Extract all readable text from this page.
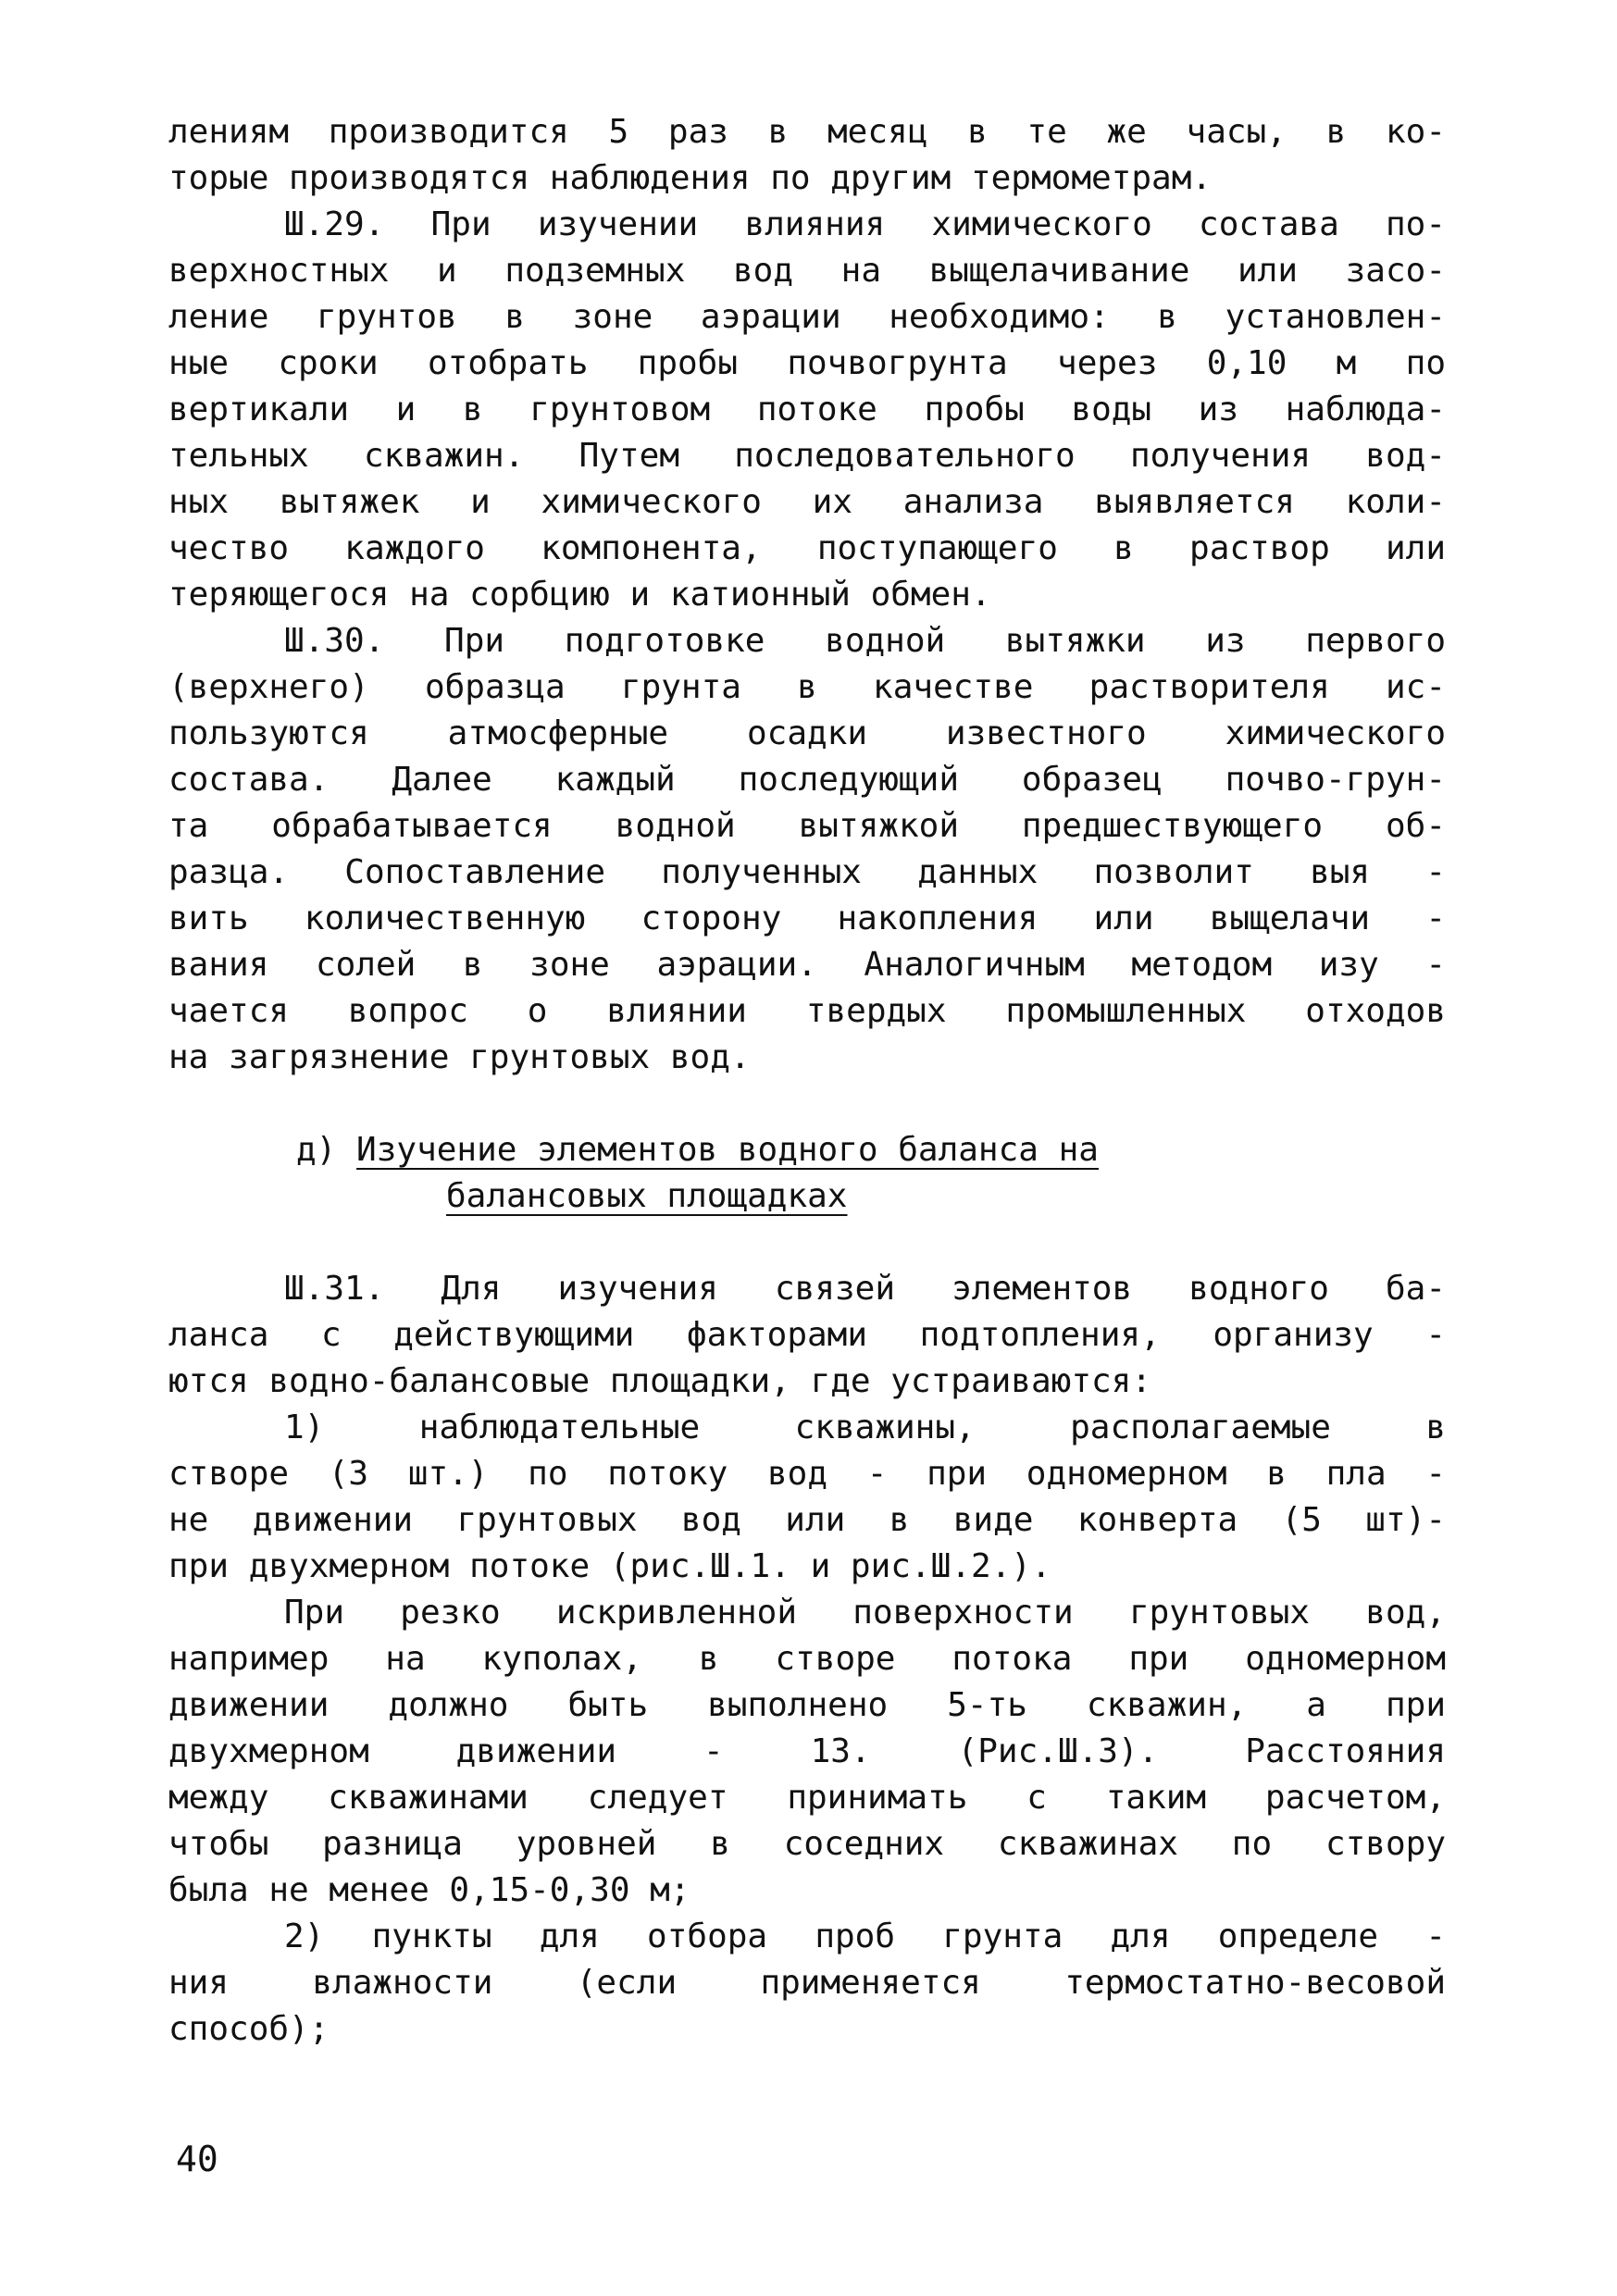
лениям производится 5 раз в месяц в те же часы, в ко-
торые производятся наблюдения по другим термометрам.
Ш.29. При изучении влияния химического состава по-
верхностных и подземных вод на выщелачивание или засо-
ление грунтов в зоне аэрации необходимо: в установлен-
ные сроки отобрать пробы почвогрунта через 0,10 м по
вертикали и в грунтовом потоке пробы воды из наблюда-
тельных скважин. Путем последовательного получения вод-
ных вытяжек и химического их анализа выявляется коли-
чество каждого компонента, поступающего в раствор или
теряющегося на сорбцию и катионный обмен.
Ш.30. При подготовке водной вытяжки из первого
(верхнего) образца грунта в качестве растворителя ис-
пользуются атмосферные осадки известного химического
состава. Далее каждый последующий образец почво-грун-
та обрабатывается водной вытяжкой предшествующего об-
разца. Сопоставление полученных данных позволит выя -
вить количественную сторону накопления или выщелачи -
вания солей в зоне аэрации. Аналогичным методом изу -
чается вопрос о влиянии твердых промышленных отходов
на загрязнение грунтовых вод.
д) Изучение элементов водного баланса на
балансовых площадках
Ш.31. Для изучения связей элементов водного ба-
ланса с действующими факторами подтопления, организу -
ются водно-балансовые площадки, где устраиваются:
1) наблюдательные скважины, располагаемые в
створе (3 шт.) по потоку вод - при одномерном в пла -
не движении грунтовых вод или в виде конверта (5 шт)-
при двухмерном потоке (рис.Ш.1. и рис.Ш.2.).
При резко искривленной поверхности грунтовых вод,
например на куполах, в створе потока при одномерном
движении должно быть выполнено 5-ть скважин, а при
двухмерном движении - 13. (Рис.Ш.3). Расстояния
между скважинами следует принимать с таким расчетом,
чтобы разница уровней в соседних скважинах по створу
была не менее 0,15-0,30 м;
2) пункты для отбора проб грунта для определе -
ния влажности (если применяется термостатно-весовой
способ);
40
